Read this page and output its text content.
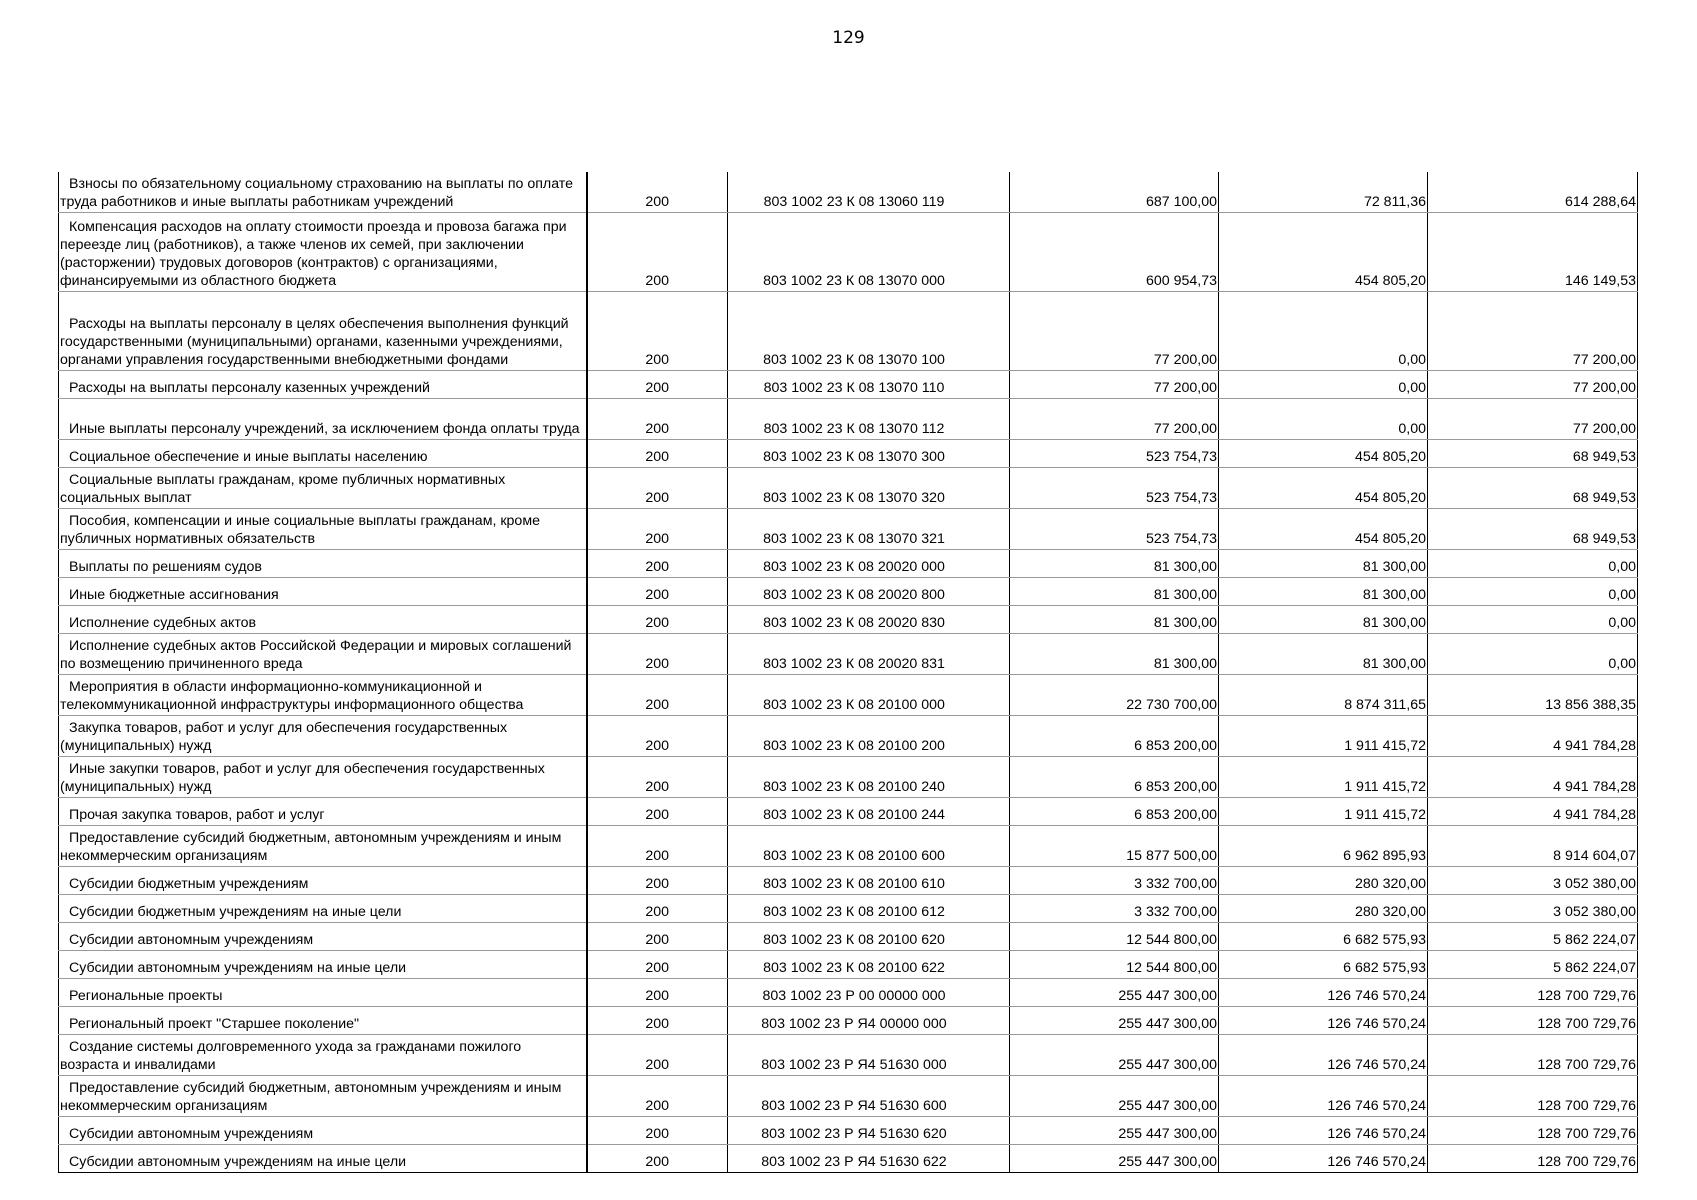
129
Взносы по обязательному социальному страхованию на выплаты по оплате труда работников и иные выплаты работникам учреждений	200	803 1002 23 К 08 13060 119	687 100,00	72 811,36	614 288,64
Компенсация расходов на оплату стоимости проезда и провоза багажа при переезде лиц (работников), а также членов их семей, при заключении (расторжении) трудовых договоров (контрактов) с организациями, финансируемыми из областного бюджета	200	803 1002 23 К 08 13070 000	600 954,73	454 805,20	146 149,53
Расходы на выплаты персоналу в целях обеспечения выполнения функций государственными (муниципальными) органами, казенными учреждениями, органами управления государственными внебюджетными фондами	200	803 1002 23 К 08 13070 100	77 200,00	0,00	77 200,00
Расходы на выплаты персоналу казенных учреждений	200	803 1002 23 К 08 13070 110	77 200,00	0,00	77 200,00
Иные выплаты персоналу учреждений, за исключением фонда оплаты труда	200	803 1002 23 К 08 13070 112	77 200,00	0,00	77 200,00
Социальное обеспечение и иные выплаты населению	200	803 1002 23 К 08 13070 300	523 754,73	454 805,20	68 949,53
Социальные выплаты гражданам, кроме публичных нормативных социальных выплат	200	803 1002 23 К 08 13070 320	523 754,73	454 805,20	68 949,53
Пособия, компенсации и иные социальные выплаты гражданам, кроме публичных нормативных обязательств	200	803 1002 23 К 08 13070 321	523 754,73	454 805,20	68 949,53
Выплаты по решениям судов	200	803 1002 23 К 08 20020 000	81 300,00	81 300,00	0,00
Иные бюджетные ассигнования	200	803 1002 23 К 08 20020 800	81 300,00	81 300,00	0,00
Исполнение судебных актов	200	803 1002 23 К 08 20020 830	81 300,00	81 300,00	0,00
Исполнение судебных актов Российской Федерации и мировых соглашений по возмещению причиненного вреда	200	803 1002 23 К 08 20020 831	81 300,00	81 300,00	0,00
Мероприятия в области информационно-коммуникационной и телекоммуникационной инфраструктуры информационного общества	200	803 1002 23 К 08 20100 000	22 730 700,00	8 874 311,65	13 856 388,35
Закупка товаров, работ и услуг для обеспечения государственных (муниципальных) нужд	200	803 1002 23 К 08 20100 200	6 853 200,00	1 911 415,72	4 941 784,28
Иные закупки товаров, работ и услуг для обеспечения государственных (муниципальных) нужд	200	803 1002 23 К 08 20100 240	6 853 200,00	1 911 415,72	4 941 784,28
Прочая закупка товаров, работ и услуг	200	803 1002 23 К 08 20100 244	6 853 200,00	1 911 415,72	4 941 784,28
Предоставление субсидий бюджетным, автономным учреждениям и иным некоммерческим организациям	200	803 1002 23 К 08 20100 600	15 877 500,00	6 962 895,93	8 914 604,07
Субсидии бюджетным учреждениям	200	803 1002 23 К 08 20100 610	3 332 700,00	280 320,00	3 052 380,00
Субсидии бюджетным учреждениям на иные цели	200	803 1002 23 К 08 20100 612	3 332 700,00	280 320,00	3 052 380,00
Субсидии автономным учреждениям	200	803 1002 23 К 08 20100 620	12 544 800,00	6 682 575,93	5 862 224,07
Субсидии автономным учреждениям на иные цели	200	803 1002 23 К 08 20100 622	12 544 800,00	6 682 575,93	5 862 224,07
Региональные проекты	200	803 1002 23 Р 00 00000 000	255 447 300,00	126 746 570,24	128 700 729,76
Региональный проект "Старшее поколение"	200	803 1002 23 Р Я4 00000 000	255 447 300,00	126 746 570,24	128 700 729,76
Создание системы долговременного ухода за гражданами пожилого возраста и инвалидами	200	803 1002 23 Р Я4 51630 000	255 447 300,00	126 746 570,24	128 700 729,76
Предоставление субсидий бюджетным, автономным учреждениям и иным некоммерческим организациям	200	803 1002 23 Р Я4 51630 600	255 447 300,00	126 746 570,24	128 700 729,76
Субсидии автономным учреждениям	200	803 1002 23 Р Я4 51630 620	255 447 300,00	126 746 570,24	128 700 729,76
Субсидии автономным учреждениям на иные цели	200	803 1002 23 Р Я4 51630 622	255 447 300,00	126 746 570,24	128 700 729,76
